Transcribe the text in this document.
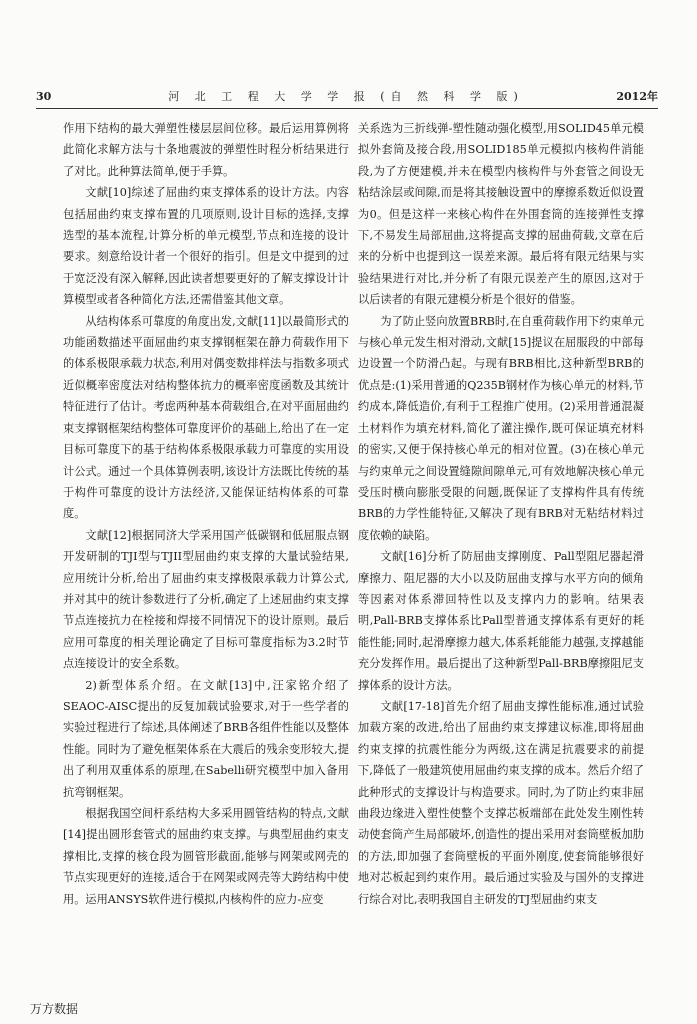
30	河 北 工 程 大 学 学 报 (自 然 科 学 版)	2012年

作用下结构的最大弹塑性楼层层间位移。最后运用算例将此简化求解方法与十条地震波的弹塑性时程分析结果进行了对比。此种算法简单,便于手算。

文献[10]综述了屈曲约束支撑体系的设计方法。内容包括屈曲约束支撑布置的几项原则,设计目标的选择,支撑选型的基本流程,计算分析的单元模型,节点和连接的设计要求。刻意给设计者一个很好的指引。但是文中提到的过于宽泛没有深入解释,因此读者想要更好的了解支撑设计计算模型或者各种简化方法,还需借鉴其他文章。

从结构体系可靠度的角度出发,文献[11]以最简形式的功能函数描述平面屈曲约束支撑钢框架在静力荷载作用下的体系极限承载力状态,利用对偶变数排样法与指数多项式近似概率密度法对结构整体抗力的概率密度函数及其统计特征进行了估计。考虑两种基本荷载组合,在对平面屈曲约束支撑钢框架结构整体可靠度评价的基础上,给出了在一定目标可靠度下的基于结构体系极限承载力可靠度的实用设计公式。通过一个具体算例表明,该设计方法既比传统的基于构件可靠度的设计方法经济,又能保证结构体系的可靠度。

文献[12]根据同济大学采用国产低碳钢和低屈服点钢开发研制的TJI型与TJII型屈曲约束支撑的大量试验结果,应用统计分析,给出了屈曲约束支撑极限承载力计算公式,并对其中的统计参数进行了分析,确定了上述屈曲约束支撑节点连接抗力在栓接和焊接不同情况下的设计原则。最后应用可靠度的相关理论确定了目标可靠度指标为3.2时节点连接设计的安全系数。

2)新型体系介绍。在文献[13]中,汪家铭介绍了SEAOC-AISC提出的反复加载试验要求,对于一些学者的实验过程进行了综述,具体阐述了BRB各组件性能以及整体性能。同时为了避免框架体系在大震后的残余变形较大,提出了利用双重体系的原理,在Sabelli研究模型中加入备用抗弯钢框架。

根据我国空间杆系结构大多采用圆管结构的特点,文献[14]提出圆形套管式的屈曲约束支撑。与典型屈曲约束支撑相比,支撑的核仓段为圆管形截面,能够与网架或网壳的节点实现更好的连接,适合于在网架或网壳等大跨结构中使用。运用ANSYS软件进行模拟,内核构件的应力-应变

关系选为三折线弹-塑性随动强化模型,用SOLID45单元模拟外套筒及接合段,用SOLID185单元模拟内核构件消能段,为了方便建模,并未在模型内核构件与外套管之间设无粘结涂层或间隙,而是将其接触设置中的摩擦系数近似设置为0。但是这样一来核心构件在外围套筒的连接弹性支撑下,不易发生局部屈曲,这将提高支撑的屈曲荷载,文章在后来的分析中也提到这一误差来源。最后将有限元结果与实验结果进行对比,并分析了有限元误差产生的原因,这对于以后读者的有限元建模分析是个很好的借鉴。

为了防止竖向放置BRB时,在自重荷载作用下约束单元与核心单元发生相对滑动,文献[15]提议在屈服段的中部每边设置一个防滑凸起。与现有BRB相比,这种新型BRB的优点是:(1)采用普通的Q235B钢材作为核心单元的材料,节约成本,降低造价,有利于工程推广使用。(2)采用普通混凝土材料作为填充材料,简化了灌注操作,既可保证填充材料的密实,又便于保持核心单元的相对位置。(3)在核心单元与约束单元之间设置缝隙间隙单元,可有效地解决核心单元受压时横向膨胀受限的问题,既保证了支撑构件具有传统BRB的力学性能特征,又解决了现有BRB对无粘结材料过度依赖的缺陷。

文献[16]分析了防屈曲支撑刚度、Pall型阻尼器起滑摩擦力、阻尼器的大小以及防屈曲支撑与水平方向的倾角等因素对体系滞回特性以及支撑内力的影响。结果表明,Pall-BRB支撑体系比Pall型普通支撑体系有更好的耗能性能;同时,起滑摩擦力越大,体系耗能能力越强,支撑越能充分发挥作用。最后提出了这种新型Pall-BRB摩擦阻尼支撑体系的设计方法。

文献[17-18]首先介绍了屈曲支撑性能标准,通过试验加载方案的改进,给出了屈曲约束支撑建议标准,即将屈曲约束支撑的抗震性能分为两级,这在满足抗震要求的前提下,降低了一般建筑使用屈曲约束支撑的成本。然后介绍了此种形式的支撑设计与构造要求。同时,为了防止约束非屈曲段边缘进入塑性使整个支撑芯板端部在此处发生刚性转动使套筒产生局部破坏,创造性的提出采用对套筒壁板加肋的方法,即加强了套筒壁板的平面外刚度,使套筒能够很好地对芯板起到约束作用。最后通过实验及与国外的支撑进行综合对比,表明我国自主研发的TJ型屈曲约束支

万方数据
